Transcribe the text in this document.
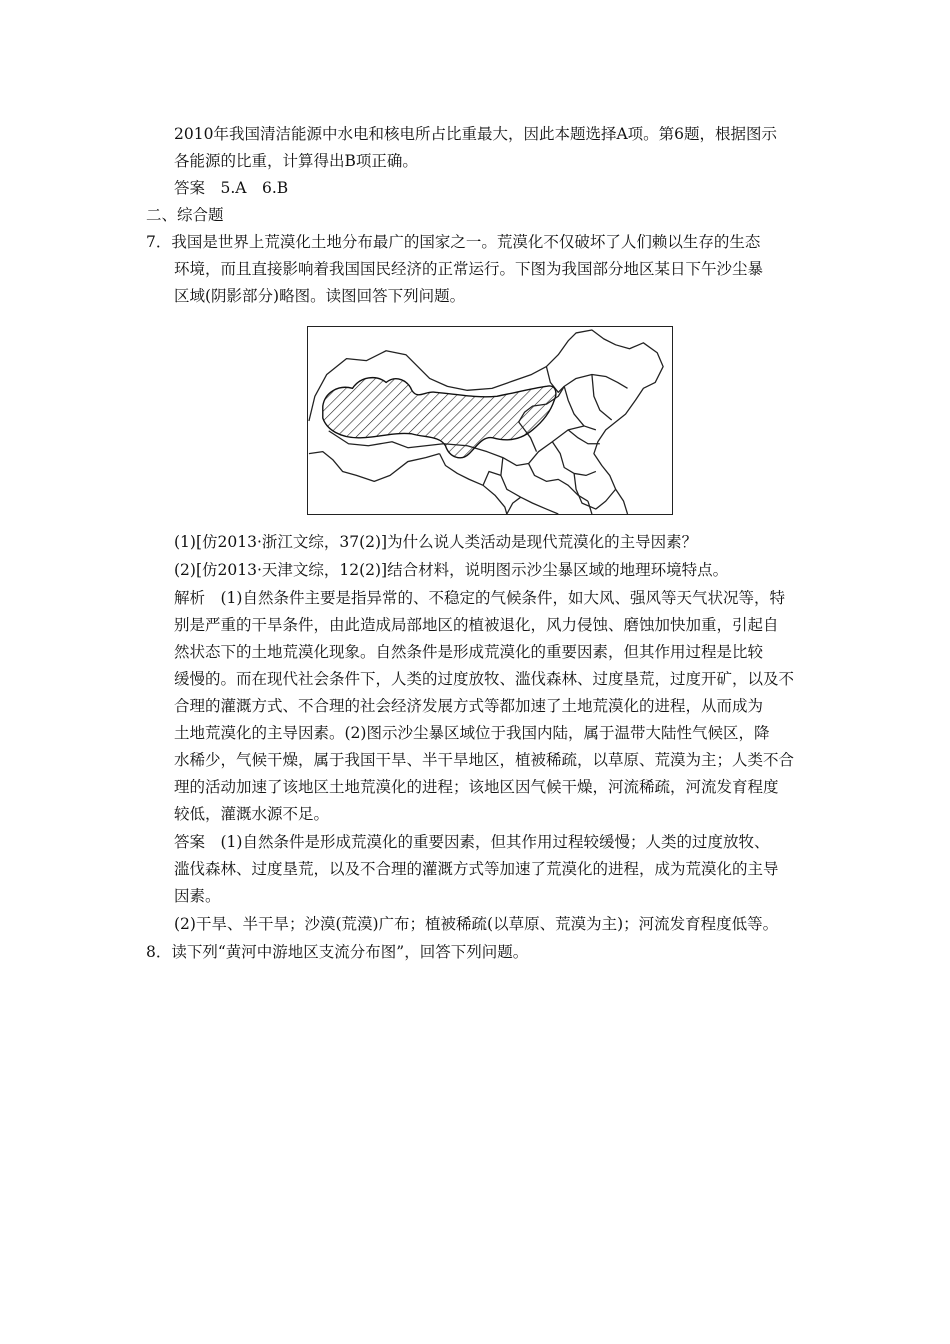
2010年我国清洁能源中水电和核电所占比重最大，因此本题选择A项。第6题，根据图示
各能源的比重，计算得出B项正确。
答案　5.A　6.B
二、综合题
7．我国是世界上荒漠化土地分布最广的国家之一。荒漠化不仅破坏了人们赖以生存的生态
环境，而且直接影响着我国国民经济的正常运行。下图为我国部分地区某日下午沙尘暴
区域(阴影部分)略图。读图回答下列问题。
(1)[仿2013·浙江文综，37(2)]为什么说人类活动是现代荒漠化的主导因素？
(2)[仿2013·天津文综，12(2)]结合材料，说明图示沙尘暴区域的地理环境特点。
解析　(1)自然条件主要是指异常的、不稳定的气候条件，如大风、强风等天气状况等，特
别是严重的干旱条件，由此造成局部地区的植被退化，风力侵蚀、磨蚀加快加重，引起自
然状态下的土地荒漠化现象。自然条件是形成荒漠化的重要因素，但其作用过程是比较
缓慢的。而在现代社会条件下，人类的过度放牧、滥伐森林、过度垦荒，过度开矿，以及不
合理的灌溉方式、不合理的社会经济发展方式等都加速了土地荒漠化的进程，从而成为
土地荒漠化的主导因素。(2)图示沙尘暴区域位于我国内陆，属于温带大陆性气候区，降
水稀少，气候干燥，属于我国干旱、半干旱地区，植被稀疏，以草原、荒漠为主；人类不合
理的活动加速了该地区土地荒漠化的进程；该地区因气候干燥，河流稀疏，河流发育程度
较低，灌溉水源不足。
答案　(1)自然条件是形成荒漠化的重要因素，但其作用过程较缓慢；人类的过度放牧、
滥伐森林、过度垦荒，以及不合理的灌溉方式等加速了荒漠化的进程，成为荒漠化的主导
因素。
(2)干旱、半干旱；沙漠(荒漠)广布；植被稀疏(以草原、荒漠为主)；河流发育程度低等。
8．读下列“黄河中游地区支流分布图”，回答下列问题。
